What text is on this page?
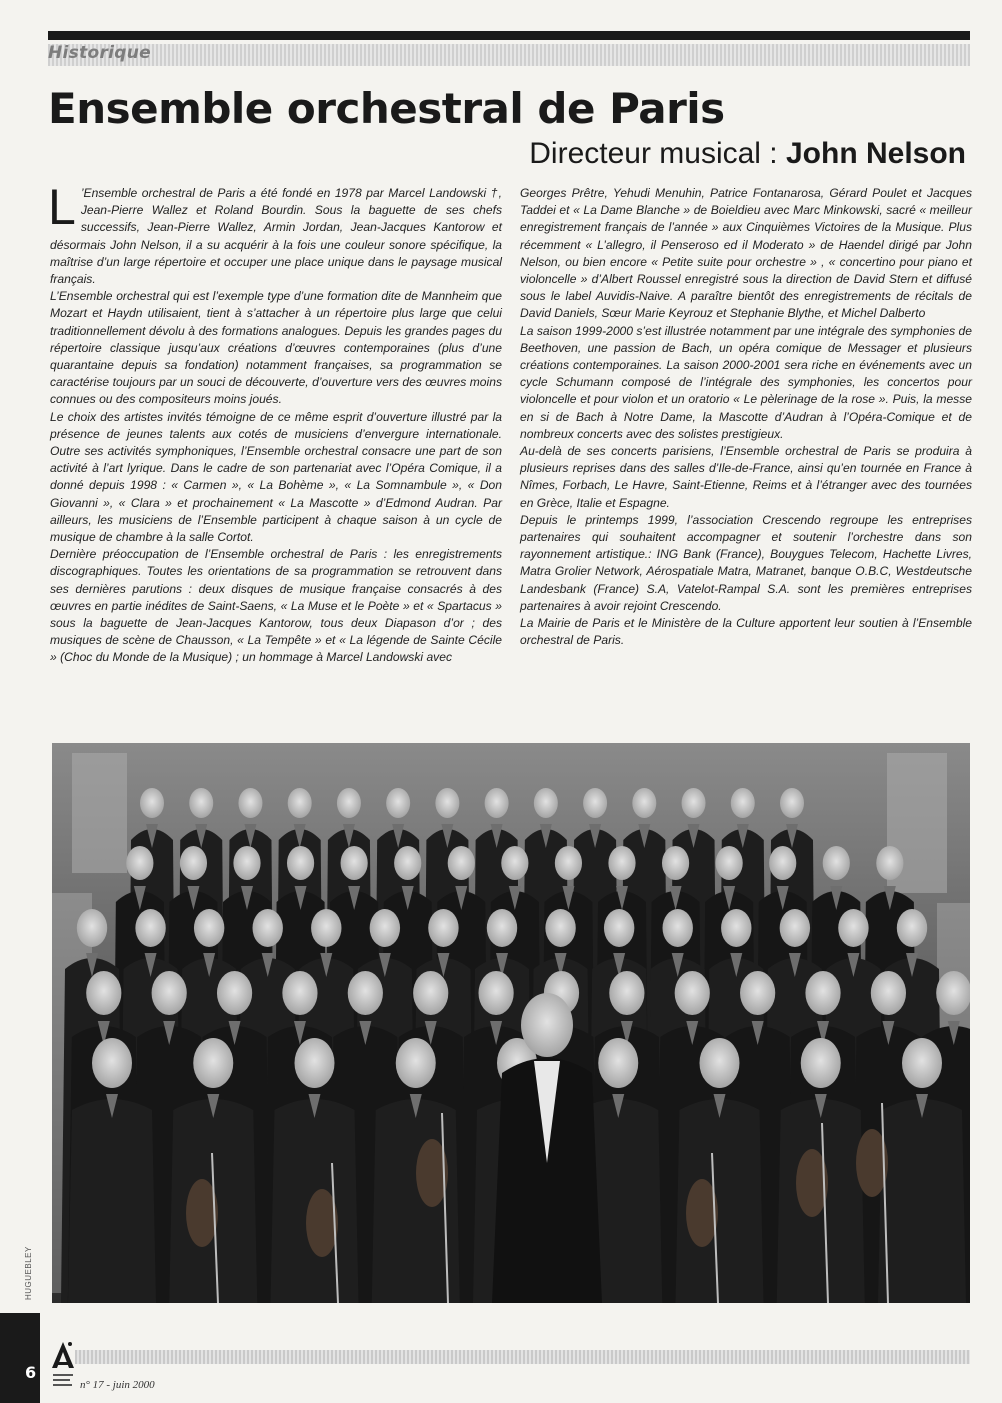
Historique
Ensemble orchestral de Paris
Directeur musical : John Nelson

L ’Ensemble orchestral de Paris a été fondé en 1978 par Marcel Landowski †, Jean-Pierre Wallez et Roland Bourdin. Sous la baguette de ses chefs successifs, Jean-Pierre Wallez, Armin Jordan, Jean-Jacques Kantorow et désormais John Nelson, il a su acquérir à la fois une couleur sonore spécifique, la maîtrise d’un large répertoire et occuper une place unique dans le paysage musical français.

L’Ensemble orchestral qui est l’exemple type d’une formation dite de Mannheim que Mozart et Haydn utilisaient, tient à s’attacher à un répertoire plus large que celui traditionnellement dévolu à des formations analogues. Depuis les grandes pages du répertoire classique jusqu’aux créations d’œuvres contemporaines (plus d’une quarantaine depuis sa fondation) notamment françaises, sa programmation se caractérise toujours par un souci de découverte, d’ouverture vers des œuvres moins connues ou des compositeurs moins joués.

Le choix des artistes invités témoigne de ce même esprit d’ouverture illustré par la présence de jeunes talents aux cotés de musiciens d’envergure internationale. Outre ses activités symphoniques, l’Ensemble orchestral consacre une part de son activité à l’art lyrique. Dans le cadre de son partenariat avec l’Opéra Comique, il a donné depuis 1998 : « Carmen », « La Bohème », « La Somnambule », « Don Giovanni », « Clara » et prochainement « La Mascotte » d’Edmond Audran. Par ailleurs, les musiciens de l’Ensemble participent à chaque saison à un cycle de musique de chambre à la salle Cortot.

Dernière préoccupation de l’Ensemble orchestral de Paris : les enregistrements discographiques. Toutes les orientations de sa programmation se retrouvent dans ses dernières parutions : deux disques de musique française consacrés à des œuvres en partie inédites de Saint-Saens, « La Muse et le Poète » et « Spartacus » sous la baguette de Jean-Jacques Kantorow, tous deux Diapason d’or ; des musiques de scène de Chausson, « La Tempête » et « La légende de Sainte Cécile » (Choc du Monde de la Musique) ; un hommage à Marcel Landowski avec

Georges Prêtre, Yehudi Menuhin, Patrice Fontanarosa, Gérard Poulet et Jacques Taddei et « La Dame Blanche » de Boieldieu avec Marc Minkowski, sacré « meilleur enregistrement français de l’année » aux Cinquièmes Victoires de la Musique. Plus récemment « L’allegro, il Penseroso ed il Moderato » de Haendel dirigé par John Nelson, ou bien encore « Petite suite pour orchestre » , « concertino pour piano et violoncelle » d’Albert Roussel enregistré sous la direction de David Stern et diffusé sous le label Auvidis-Naive. A paraître bientôt des enregistrements de récitals de David Daniels, Sœur Marie Keyrouz et Stephanie Blythe, et Michel Dalberto

La saison 1999-2000 s’est illustrée notamment par une intégrale des symphonies de Beethoven, une passion de Bach, un opéra comique de Messager et plusieurs créations contemporaines. La saison 2000-2001 sera riche en événements avec un cycle Schumann composé de l’intégrale des symphonies, les concertos pour violoncelle et pour violon et un oratorio « Le pèlerinage de la rose ». Puis, la messe en si de Bach à Notre Dame, la Mascotte d’Audran à l’Opéra-Comique et de nombreux concerts avec des solistes prestigieux.

Au-delà de ses concerts parisiens, l’Ensemble orchestral de Paris se produira à plusieurs reprises dans des salles d’Ile-de-France, ainsi qu’en tournée en France à Nîmes, Forbach, Le Havre, Saint-Etienne, Reims et à l’étranger avec des tournées en Grèce, Italie et Espagne.

Depuis le printemps 1999, l’association Crescendo regroupe les entreprises partenaires qui souhaitent accompagner et soutenir l’orchestre dans son rayonnement artistique.: ING Bank (France), Bouygues Telecom, Hachette Livres, Matra Grolier Network, Aérospatiale Matra, Matranet, banque O.B.C, Westdeutsche Landesbank (France) S.A, Vatelot-Rampal S.A. sont les premières entreprises partenaires à avoir rejoint Crescendo.

La Mairie de Paris et le Ministère de la Culture apportent leur soutien à l’Ensemble orchestral de Paris.

HUGUEBLEY
6
n° 17 - juin 2000
